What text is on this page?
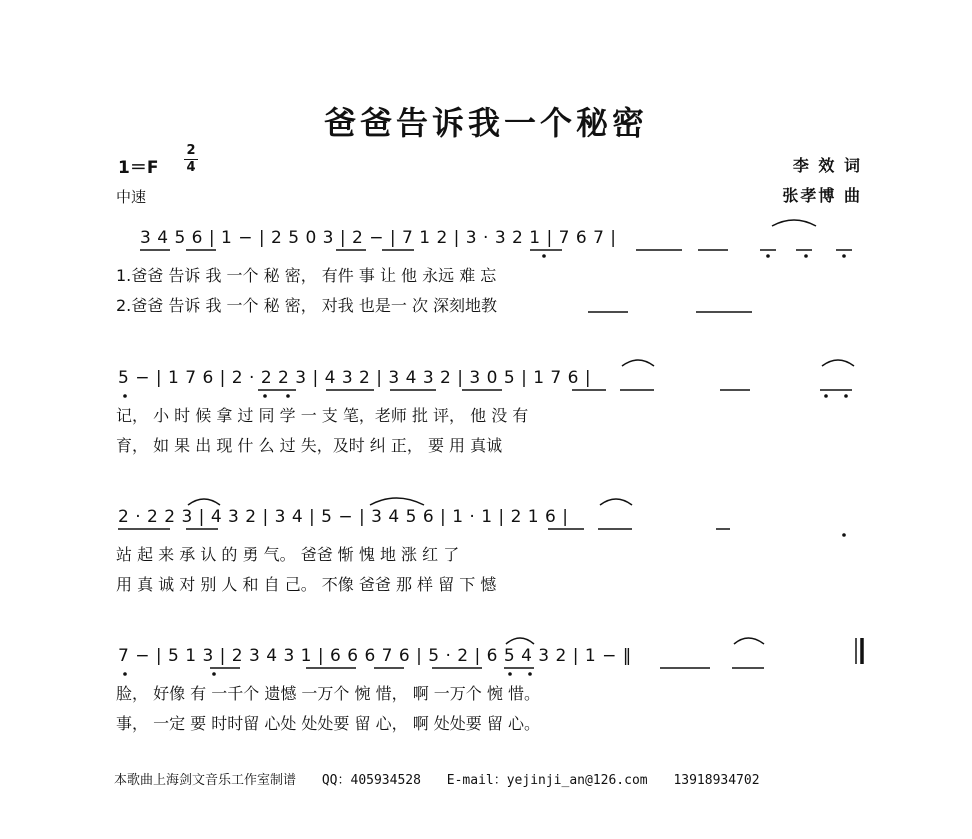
爸爸告诉我一个秘密
1＝F
2
4
中速
李 效 词
张孝博 曲
3 4 5 6 | 1 − | 2 5 0 3 | 2 − | 7 1 2 | 3 · 3 2 1 | 7 6 7 |
1.爸爸 告诉 我 一个 秘 密， 有件 事 让 他 永远 难 忘
2.爸爸 告诉 我 一个 秘 密， 对我 也是一 次 深刻地教
5 − | 1 7 6 | 2 · 2 2 3 | 4 3 2 | 3 4 3 2 | 3 0 5 | 1 7 6 |
记， 小 时 候 拿 过 同 学 一 支 笔，老师 批 评， 他 没 有
育， 如 果 出 现 什 么 过 失，及时 纠 正， 要 用 真诚
2 · 2 2 3 | 4 3 2 | 3 4 | 5 − | 3 4 5 6 | 1 · 1 | 2 1 6 |
站 起 来 承 认 的 勇 气。 爸爸 惭 愧 地 涨 红 了
用 真 诚 对 别 人 和 自 己。 不像 爸爸 那 样 留 下 憾
7 − | 5 1 3 | 2 3 4 3 1 | 6 6 6 7 6 | 5 · 2 | 6 5 4 3 2 | 1 − ‖
脸， 好像 有 一千个 遗憾 一万个 惋 惜， 啊 一万个 惋 惜。
事， 一定 要 时时留 心处 处处要 留 心， 啊 处处要 留 心。
本歌曲上海剑文音乐工作室制谱 QQ：405934528 E-mail：yejinji_an@126.com 13918934702
